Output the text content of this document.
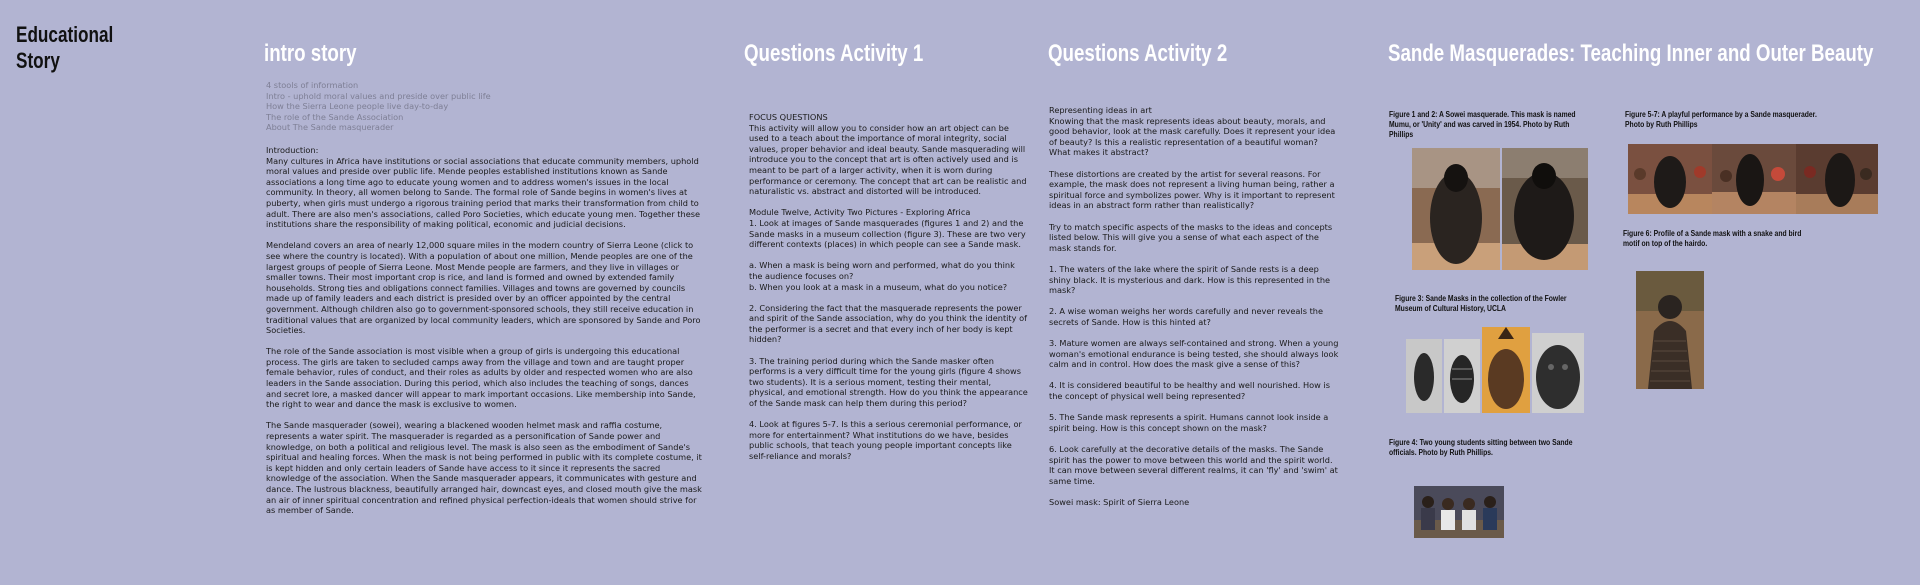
Educational
Story	intro story
4 stools of information
Intro - uphold moral values and preside over public life
How the Sierra Leone people live day-to-day
The role of the Sande Association
About The Sande masquerader

Introduction:
Many cultures in Africa have institutions or social associations that educate community members, uphold moral values and preside over public life. Mende peoples established institutions known as Sande associations a long time ago to educate young women and to address women's issues in the local community. In theory, all women belong to Sande. The formal role of Sande begins in women's lives at puberty, when girls must undergo a rigorous training period that marks their transformation from child to adult. There are also men's associations, called Poro Societies, which educate young men. Together these institutions share the responsibility of making political, economic and judicial decisions.

Mendeland covers an area of nearly 12,000 square miles in the modern country of Sierra Leone (click to see where the country is located). With a population of about one million, Mende peoples are one of the largest groups of people of Sierra Leone. Most Mende people are farmers, and they live in villages or smaller towns. Their most important crop is rice, and land is formed and owned by extended family households. Strong ties and obligations connect families. Villages and towns are governed by councils made up of family leaders and each district is presided over by an officer appointed by the central government. Although children also go to government-sponsored schools, they still receive education in traditional values that are organized by local community leaders, which are sponsored by Sande and Poro Societies.

The role of the Sande association is most visible when a group of girls is undergoing this educational process. The girls are taken to secluded camps away from the village and town and are taught proper female behavior, rules of conduct, and their roles as adults by older and respected women who are also leaders in the Sande association. During this period, which also includes the teaching of songs, dances and secret lore, a masked dancer will appear to mark important occasions. Like membership into Sande, the right to wear and dance the mask is exclusive to women.

The Sande masquerader (sowei), wearing a blackened wooden helmet mask and raffia costume, represents a water spirit. The masquerader is regarded as a personification of Sande power and knowledge, on both a political and religious level. The mask is also seen as the embodiment of Sande's spiritual and healing forces. When the mask is not being performed in public with its complete costume, it is kept hidden and only certain leaders of Sande have access to it since it represents the sacred knowledge of the association. When the Sande masquerader appears, it communicates with gesture and dance. The lustrous blackness, beautifully arranged hair, downcast eyes, and closed mouth give the mask an air of inner spiritual concentration and refined physical perfection-ideals that women should strive for as member of Sande.

Questions Activity 1

FOCUS QUESTIONS
This activity will allow you to consider how an art object can be used to a teach about the importance of moral integrity, social values, proper behavior and ideal beauty. Sande masquerading will introduce you to the concept that art is often actively used and is meant to be part of a larger activity, when it is worn during performance or ceremony. The concept that art can be realistic and naturalistic vs. abstract and distorted will be introduced.

Module Twelve, Activity Two Pictures - Exploring Africa
1. Look at images of Sande masquerades (figures 1 and 2) and the Sande masks in a museum collection (figure 3). These are two very different contexts (places) in which people can see a Sande mask.

a. When a mask is being worn and performed, what do you think the audience focuses on?
b. When you look at a mask in a museum, what do you notice?

2. Considering the fact that the masquerade represents the power and spirit of the Sande association, why do you think the identity of the performer is a secret and that every inch of her body is kept hidden?

3. The training period during which the Sande masker often performs is a very difficult time for the young girls (figure 4 shows two students). It is a serious moment, testing their mental, physical, and emotional strength. How do you think the appearance of the Sande mask can help them during this period?

4. Look at figures 5-7. Is this a serious ceremonial performance, or more for entertainment? What institutions do we have, besides public schools, that teach young people important concepts like self-reliance and morals?

Questions Activity 2

Representing ideas in art
Knowing that the mask represents ideas about beauty, morals, and good behavior, look at the mask carefully. Does it represent your idea of beauty? Is this a realistic representation of a beautiful woman? What makes it abstract?

These distortions are created by the artist for several reasons. For example, the mask does not represent a living human being, rather a spiritual force and symbolizes power. Why is it important to represent ideas in an abstract form rather than realistically?

Try to match specific aspects of the masks to the ideas and concepts listed below. This will give you a sense of what each aspect of the mask stands for.

1. The waters of the lake where the spirit of Sande rests is a deep shiny black. It is mysterious and dark. How is this represented in the mask?

2. A wise woman weighs her words carefully and never reveals the secrets of Sande. How is this hinted at?

3. Mature women are always self-contained and strong. When a young woman's emotional endurance is being tested, she should always look calm and in control. How does the mask give a sense of this?

4. It is considered beautiful to be healthy and well nourished. How is the concept of physical well being represented?

5. The Sande mask represents a spirit. Humans cannot look inside a spirit being. How is this concept shown on the mask?

6. Look carefully at the decorative details of the masks. The Sande spirit has the power to move between this world and the spirit world. It can move between several different realms, it can 'fly' and 'swim' at same time.

Sowei mask: Spirit of Sierra Leone

Sande Masquerades: Teaching Inner and Outer Beauty
Figure 1 and 2: A Sowei masquerade. This mask is named Mumu, or 'Unity' and was carved in 1954. Photo by Ruth Phillips
Figure 5-7: A playful performance by a Sande masquerader. Photo by Ruth Phillips
Figure 6: Profile of a Sande mask with a snake and bird motif on top of the hairdo.
Figure 3: Sande Masks in the collection of the Fowler Museum of Cultural History, UCLA
Figure 4: Two young students sitting between two Sande officials. Photo by Ruth Phillips.
